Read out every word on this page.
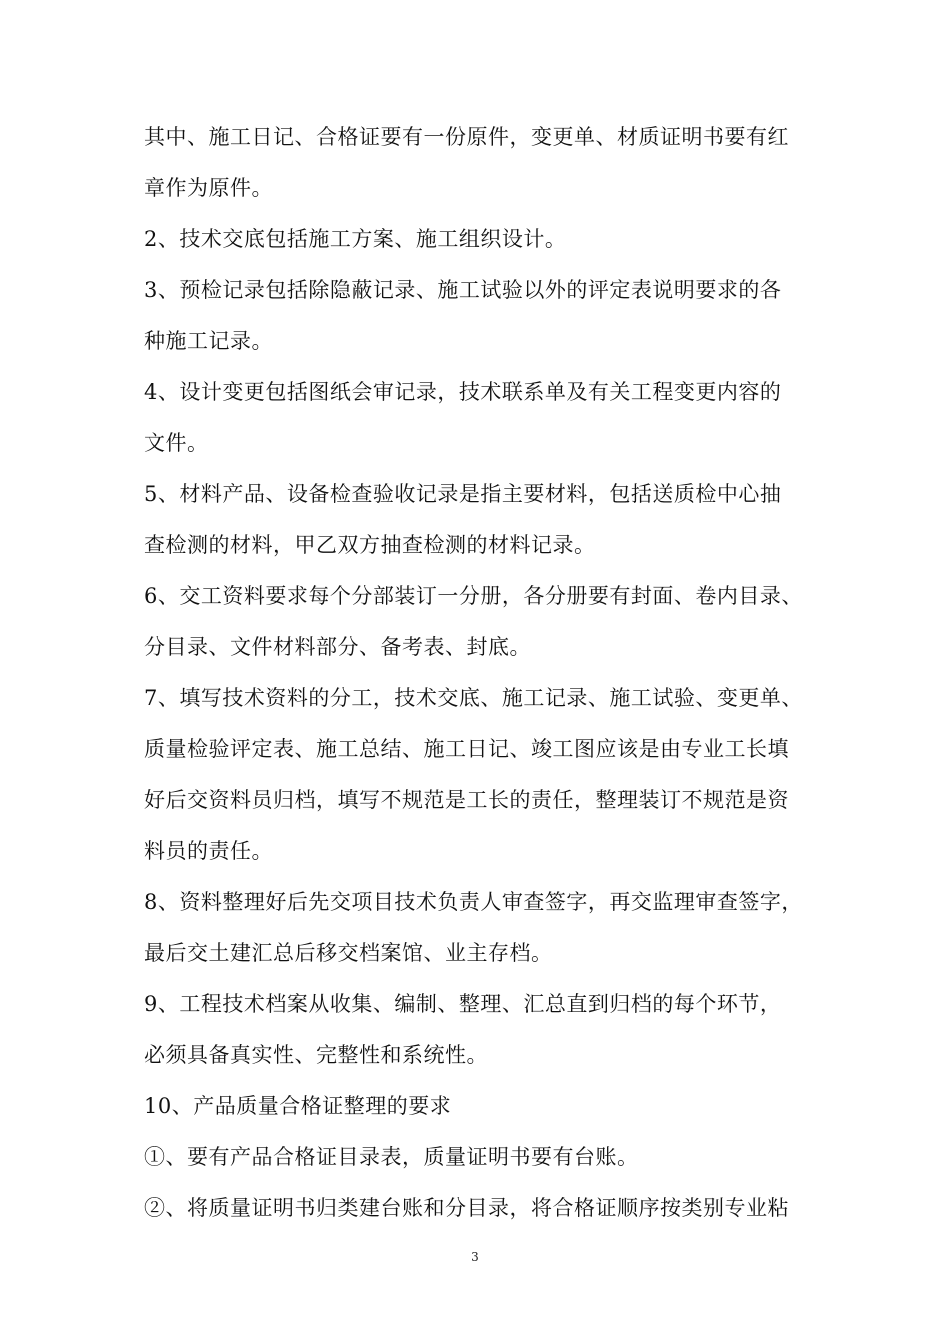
其中、施工日记、合格证要有一份原件，变更单、材质证明书要有红
章作为原件。
2、技术交底包括施工方案、施工组织设计。
3、预检记录包括除隐蔽记录、施工试验以外的评定表说明要求的各
种施工记录。
4、设计变更包括图纸会审记录，技术联系单及有关工程变更内容的
文件。
5、材料产品、设备检查验收记录是指主要材料，包括送质检中心抽
查检测的材料，甲乙双方抽查检测的材料记录。
6、交工资料要求每个分部装订一分册，各分册要有封面、卷内目录、
分目录、文件材料部分、备考表、封底。
7、填写技术资料的分工，技术交底、施工记录、施工试验、变更单、
质量检验评定表、施工总结、施工日记、竣工图应该是由专业工长填
好后交资料员归档，填写不规范是工长的责任，整理装订不规范是资
料员的责任。
8、资料整理好后先交项目技术负责人审查签字，再交监理审查签字，
最后交土建汇总后移交档案馆、业主存档。
9、工程技术档案从收集、编制、整理、汇总直到归档的每个环节，
必须具备真实性、完整性和系统性。
10、产品质量合格证整理的要求
①、要有产品合格证目录表，质量证明书要有台账。
②、将质量证明书归类建台账和分目录，将合格证顺序按类别专业粘
3
